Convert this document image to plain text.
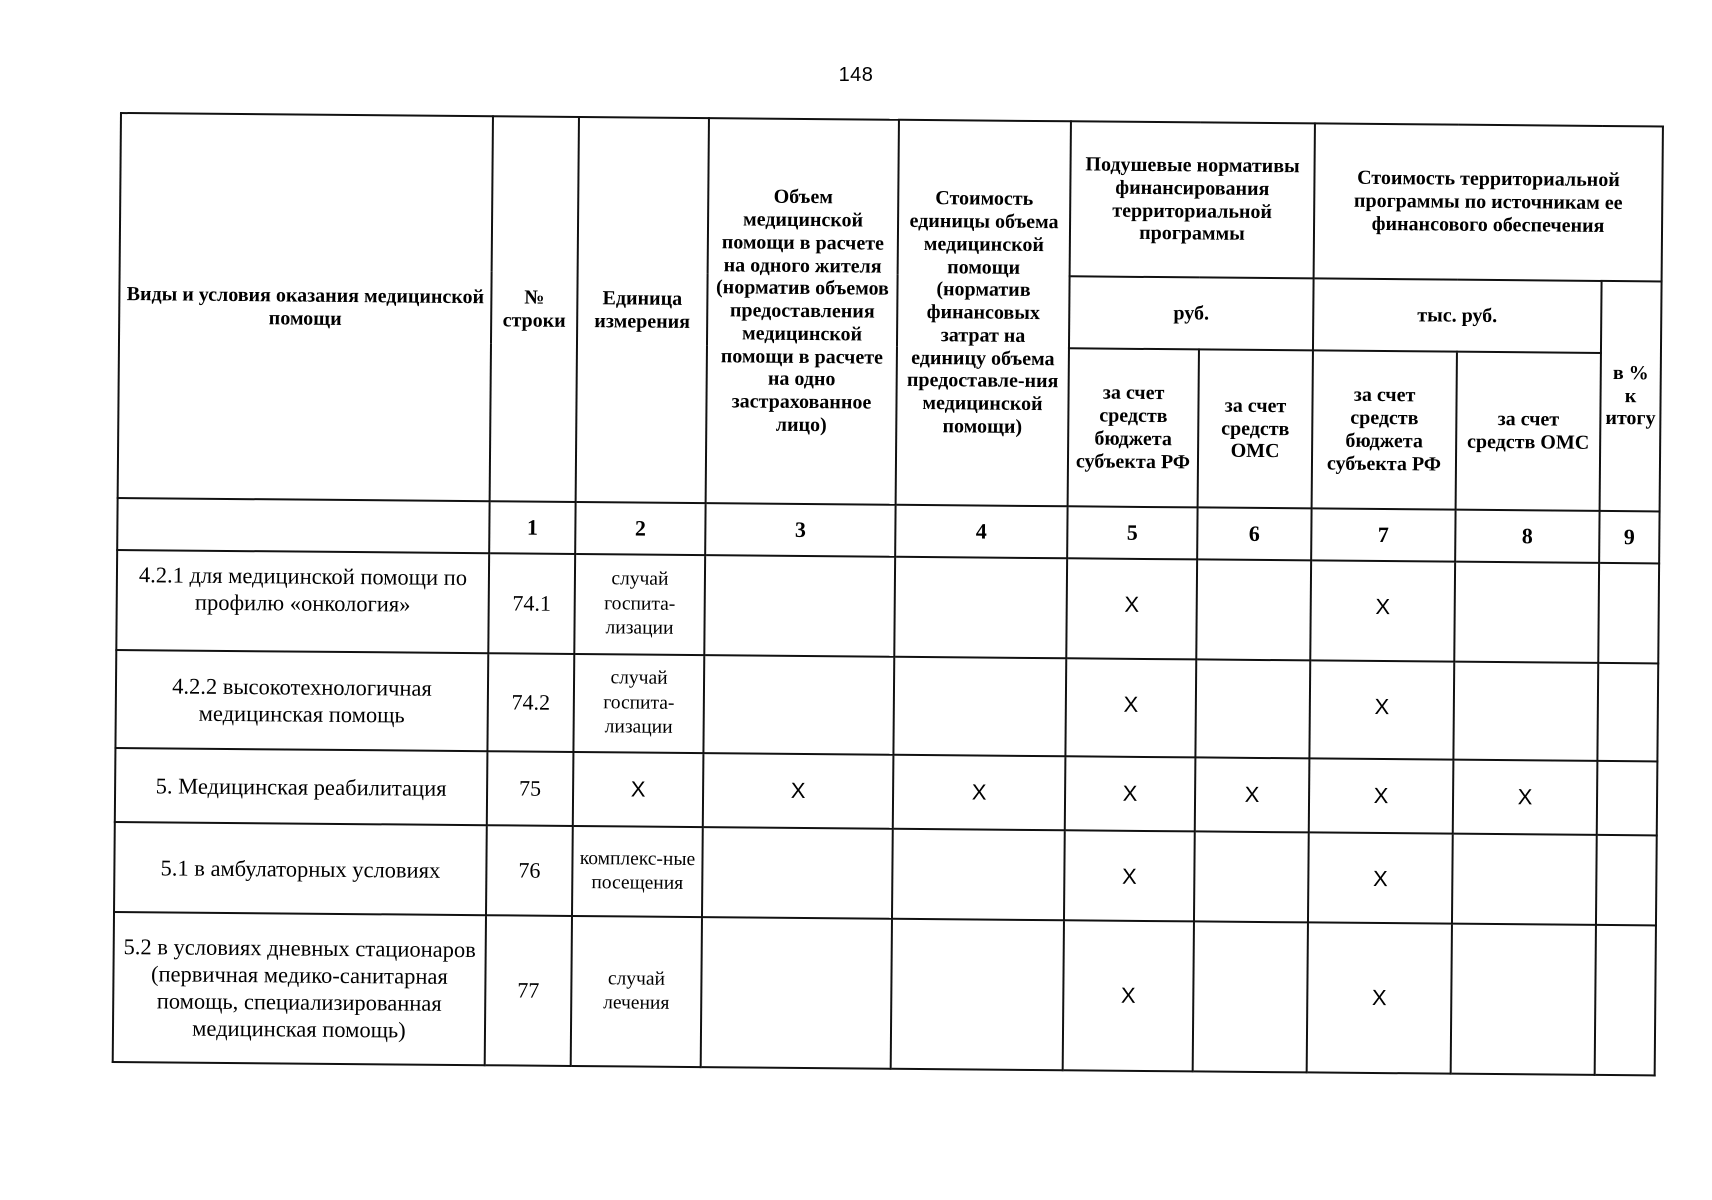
148
Виды и условия оказания медицинской помощи	№ строки	Единица измерения	Объем медицинской помощи в расчете на одного жителя (норматив объемов предоставления медицинской помощи в расчете на одно застрахованное лицо)	Стоимость единицы объема медицинской помощи (норматив финансовых затрат на единицу объема предоставле-ния медицинской помощи)	Подушевые нормативы финансирования территориальной программы		Стоимость территориальной программы по источникам ее финансового обеспечения		
					руб.		тыс. руб.		в % к итогу
					за счет средств бюджета субъекта РФ	за счет средств ОМС	за счет средств бюджета субъекта РФ	за счет средств ОМС	
	1	2	3	4	5	6	7	8	9
4.2.1 для медицинской помощи по профилю «онкология»	74.1	случай госпита-лизации			X		X		
4.2.2 высокотехнологичная медицинская помощь	74.2	случай госпита-лизации			X		X		
5. Медицинская реабилитация	75	X	X	X	X	X	X	X	
5.1 в амбулаторных условиях	76	комплекс-ные посещения			X		X		
5.2 в условиях дневных стационаров (первичная медико-санитарная помощь, специализированная медицинская помощь)	77	случай лечения			X		X		
